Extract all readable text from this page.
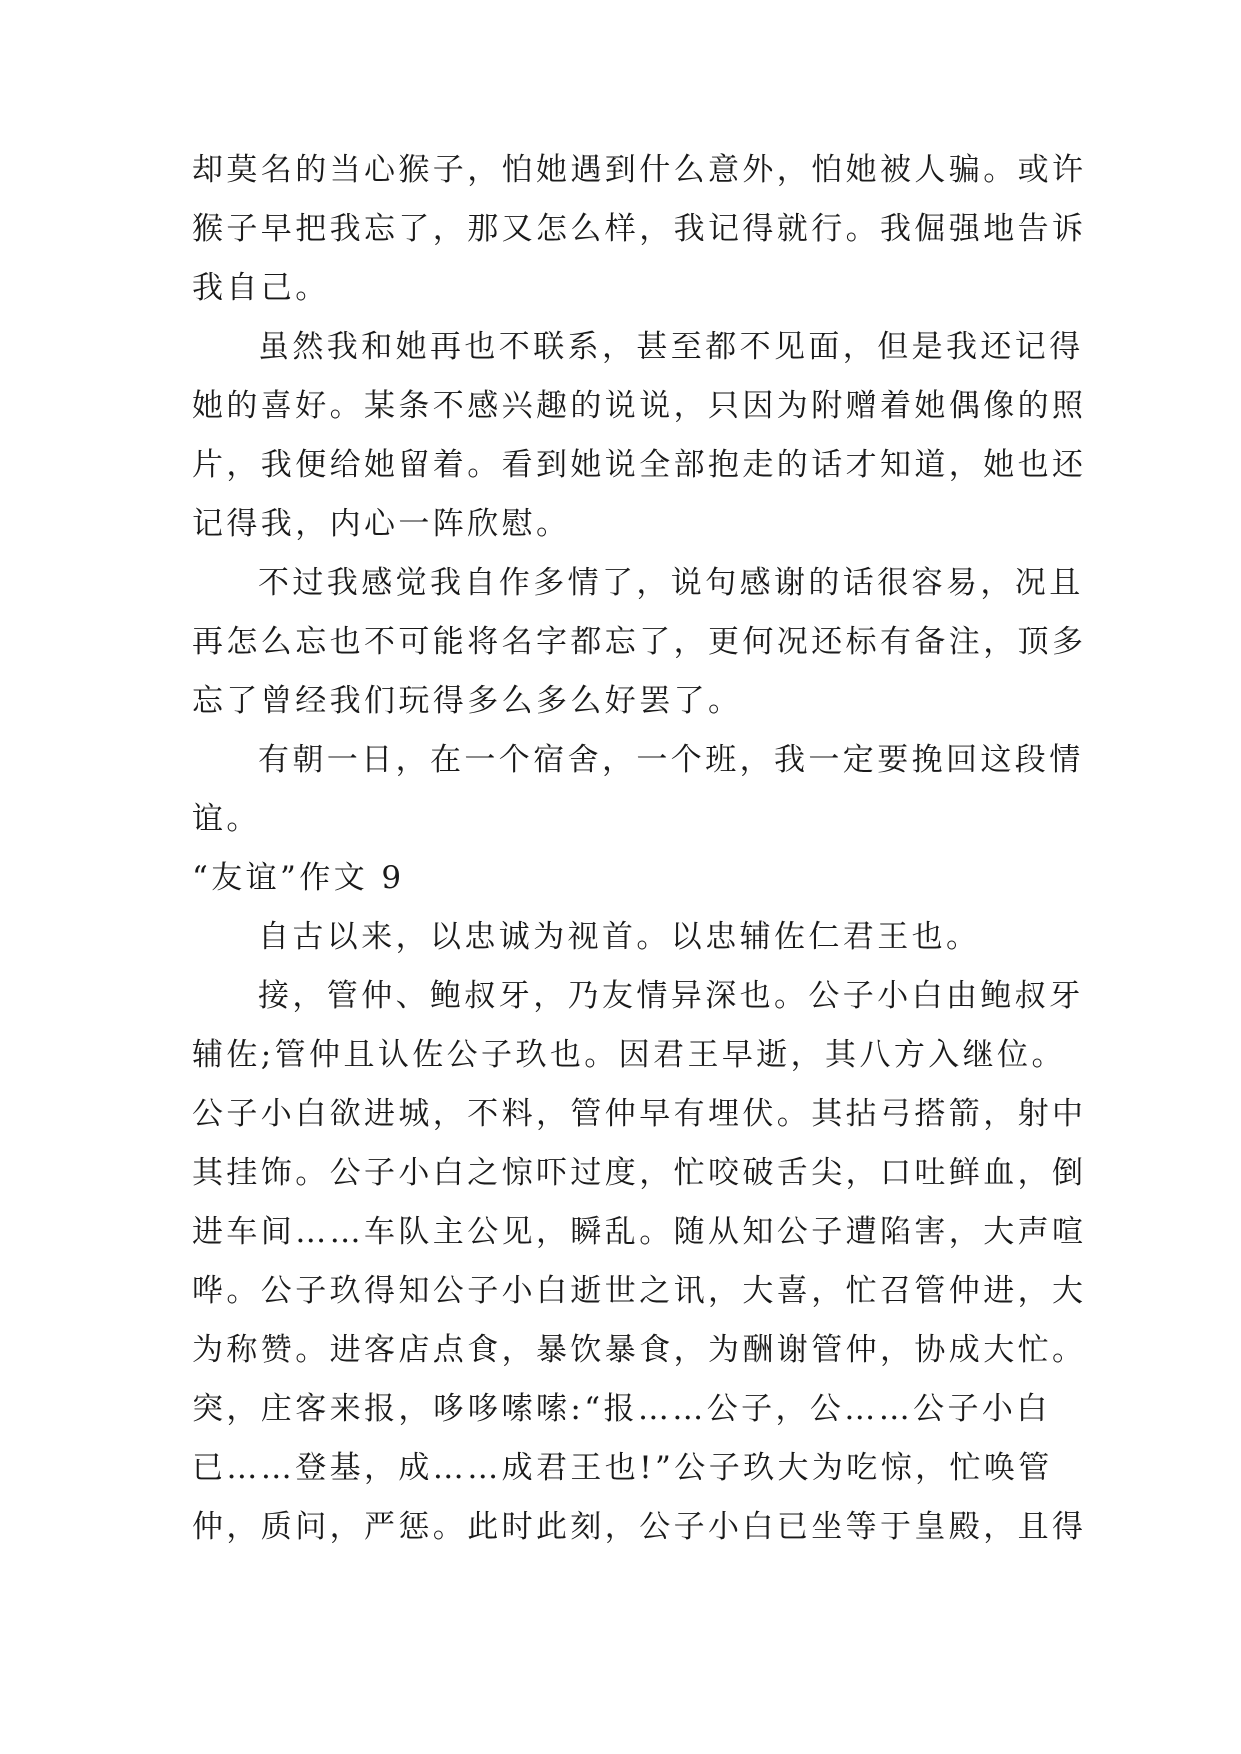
却莫名的当心猴子，怕她遇到什么意外，怕她被人骗。或许
猴子早把我忘了，那又怎么样，我记得就行。我倔强地告诉
我自己。
虽然我和她再也不联系，甚至都不见面，但是我还记得
她的喜好。某条不感兴趣的说说，只因为附赠着她偶像的照
片，我便给她留着。看到她说全部抱走的话才知道，她也还
记得我，内心一阵欣慰。
不过我感觉我自作多情了，说句感谢的话很容易，况且
再怎么忘也不可能将名字都忘了，更何况还标有备注，顶多
忘了曾经我们玩得多么多么好罢了。
有朝一日，在一个宿舍，一个班，我一定要挽回这段情
谊。
“友谊”作文 9
自古以来，以忠诚为视首。以忠辅佐仁君王也。
接，管仲、鲍叔牙，乃友情异深也。公子小白由鲍叔牙
辅佐;管仲且认佐公子玖也。因君王早逝，其八方入继位。
公子小白欲进城，不料，管仲早有埋伏。其拈弓搭箭，射中
其挂饰。公子小白之惊吓过度，忙咬破舌尖，口吐鲜血，倒
进车间……车队主公见，瞬乱。随从知公子遭陷害，大声喧
哗。公子玖得知公子小白逝世之讯，大喜，忙召管仲进，大
为称赞。进客店点食，暴饮暴食，为酬谢管仲，协成大忙。
突，庄客来报，哆哆嗦嗦:“报……公子，公……公子小白
已……登基，成……成君王也!”公子玖大为吃惊，忙唤管
仲，质问，严惩。此时此刻，公子小白已坐等于皇殿，且得
